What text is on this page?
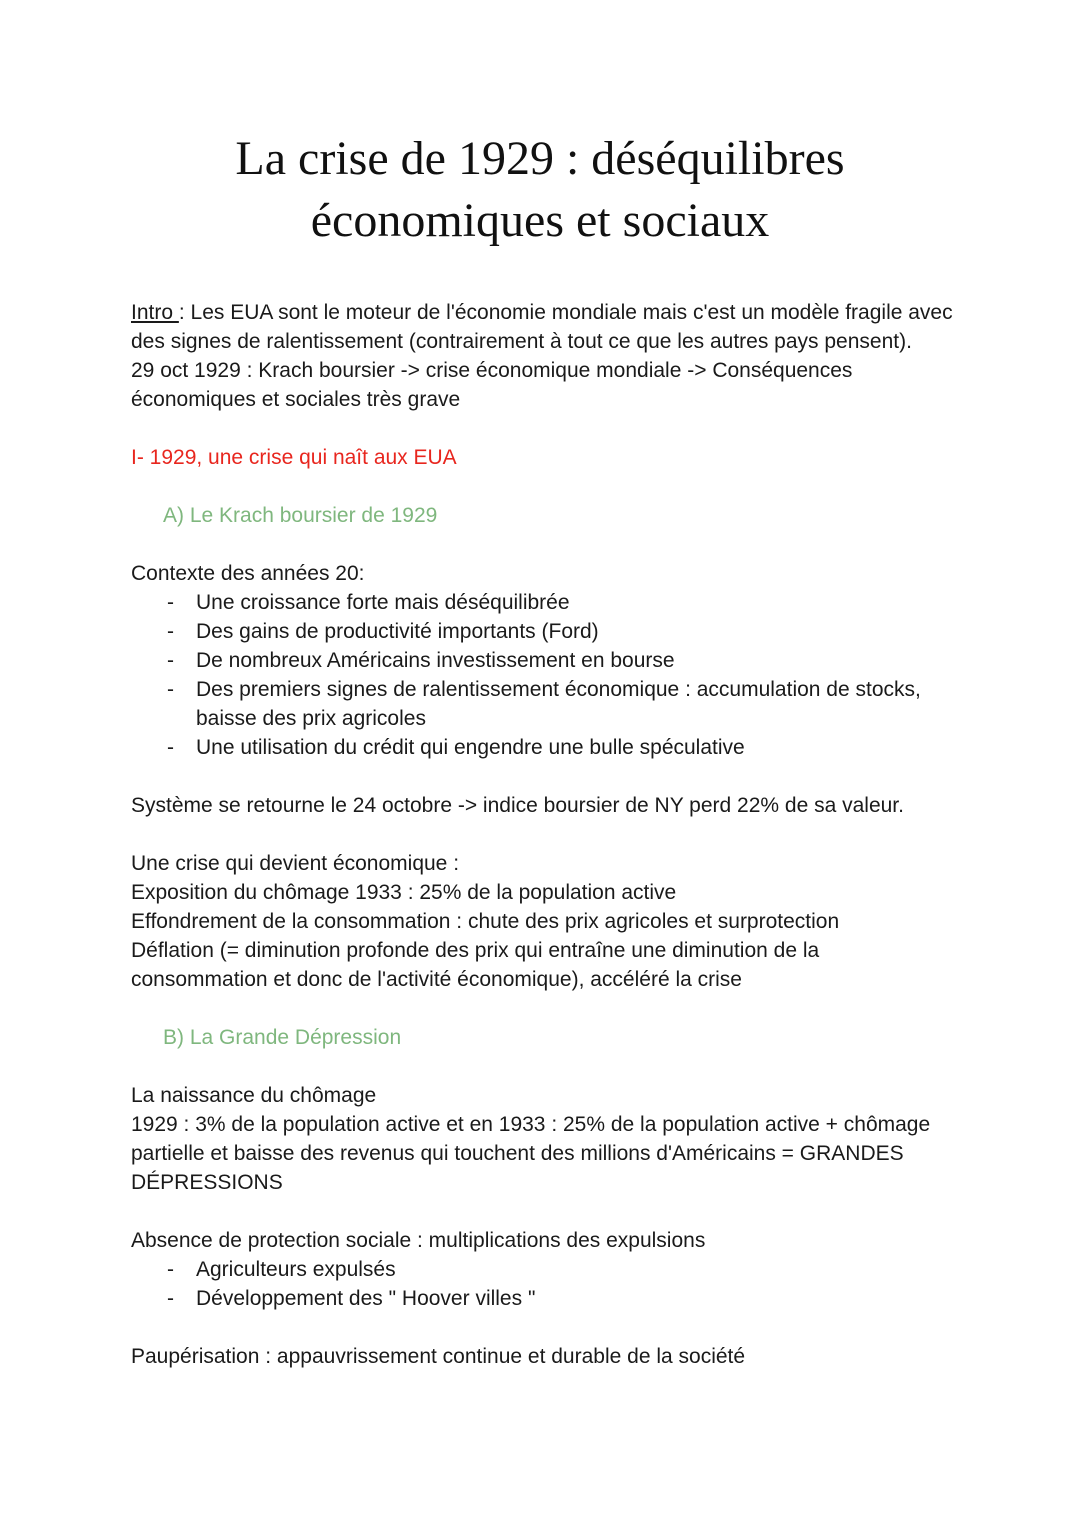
La crise de 1929 : déséquilibres
économiques et sociaux

Intro : Les EUA sont le moteur de l'économie mondiale mais c'est un modèle fragile avec des signes de ralentissement (contrairement à tout ce que les autres pays pensent).

29 oct 1929 : Krach boursier -> crise économique mondiale -> Conséquences économiques et sociales très grave

I- 1929, une crise qui naît aux EUA

A) Le Krach boursier de 1929

Contexte des années 20:

- Une croissance forte mais déséquilibrée
- Des gains de productivité importants (Ford)
- De nombreux Américains investissement en bourse
- Des premiers signes de ralentissement économique : accumulation de stocks, baisse des prix agricoles
- Une utilisation du crédit qui engendre une bulle spéculative

Système se retourne le 24 octobre -> indice boursier de NY perd 22% de sa valeur.

Une crise qui devient économique :

Exposition du chômage 1933 : 25% de la population active

Effondrement de la consommation : chute des prix agricoles et surprotection

Déflation (= diminution profonde des prix qui entraîne une diminution de la consommation et donc de l'activité économique), accéléré la crise

B) La Grande Dépression

La naissance du chômage

1929 : 3% de la population active et en 1933 : 25% de la population active + chômage partielle et baisse des revenus qui touchent des millions d'Américains = GRANDES DÉPRESSIONS

Absence de protection sociale : multiplications des expulsions

- Agriculteurs expulsés
- Développement des " Hoover villes "

Paupérisation : appauvrissement continue et durable de la société
